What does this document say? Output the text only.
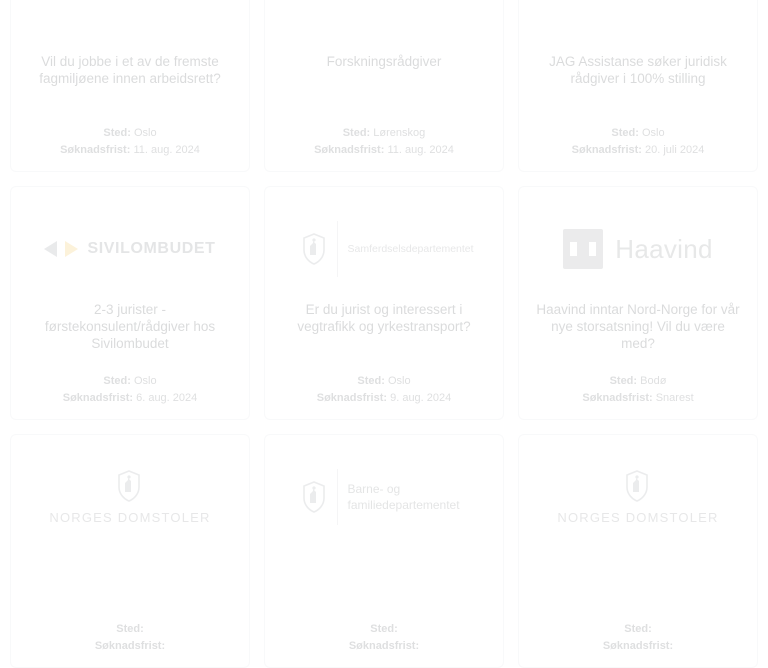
Vil du jobbe i et av de fremste fagmiljøene innen arbeidsrett?
Sted: Oslo
Søknadsfrist: 11. aug. 2024
Forskningsrådgiver
Sted: Lørenskog
Søknadsfrist: 11. aug. 2024
JAG Assistanse søker juridisk rådgiver i 100% stilling
Sted: Oslo
Søknadsfrist: 20. juli 2024
SIVILOMBUDET
2-3 jurister - førstekonsulent/rådgiver hos Sivilombudet
Sted: Oslo
Søknadsfrist: 6. aug. 2024
Samferdselsdepartementet
Er du jurist og interessert i vegtrafikk og yrkestransport?
Sted: Oslo
Søknadsfrist: 9. aug. 2024
Haavind
Haavind inntar Nord-Norge for vår nye storsatsning! Vil du være med?
Sted: Bodø
Søknadsfrist: Snarest
NORGES DOMSTOLER
Sted:
Søknadsfrist:
Barne- og familiedepartementet
Sted:
Søknadsfrist:
NORGES DOMSTOLER
Sted:
Søknadsfrist:
